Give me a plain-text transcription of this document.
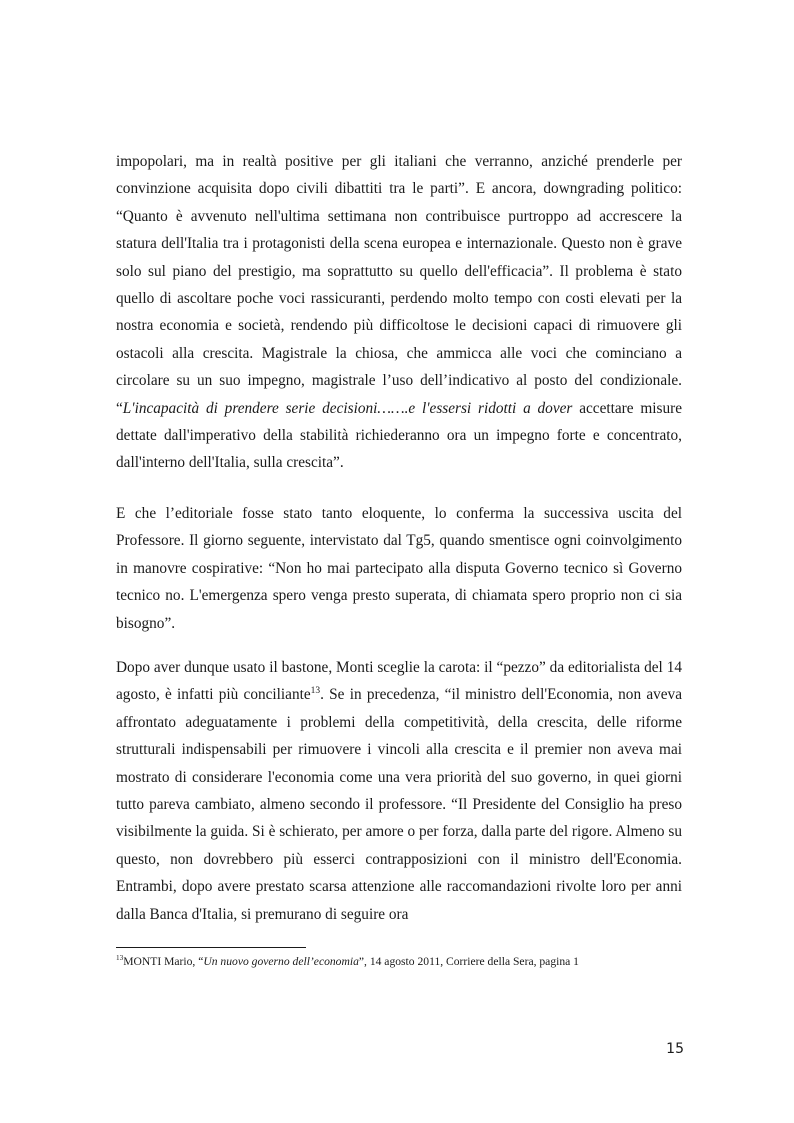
impopolari, ma in realtà positive per gli italiani che verranno, anziché prenderle per convinzione acquisita dopo civili dibattiti tra le parti”. E ancora, downgrading politico: “Quanto è avvenuto nell'ultima settimana non contribuisce purtroppo ad accrescere la statura dell'Italia tra i protagonisti della scena europea e internazionale. Questo non è grave solo sul piano del prestigio, ma soprattutto su quello dell'efficacia”. Il problema è stato quello di ascoltare poche voci rassicuranti, perdendo molto tempo con costi elevati per la nostra economia e società, rendendo più difficoltose le decisioni capaci di rimuovere gli ostacoli alla crescita. Magistrale la chiosa, che ammicca alle voci che cominciano a circolare su un suo impegno, magistrale l’uso dell’indicativo al posto del condizionale. “L'incapacità di prendere serie decisioni…….e l'essersi ridotti a dover accettare misure dettate dall'imperativo della stabilità richiederanno ora un impegno forte e concentrato, dall'interno dell'Italia, sulla crescita”.

E che l’editoriale fosse stato tanto eloquente, lo conferma la successiva uscita del Professore. Il giorno seguente, intervistato dal Tg5, quando smentisce ogni coinvolgimento in manovre cospirative: “Non ho mai partecipato alla disputa Governo tecnico sì Governo tecnico no. L'emergenza spero venga presto superata, di chiamata spero proprio non ci sia bisogno”.

Dopo aver dunque usato il bastone, Monti sceglie la carota: il “pezzo” da editorialista del 14 agosto, è infatti più conciliante$^{13}$. Se in precedenza, “il ministro dell'Economia, non aveva affrontato adeguatamente i problemi della competitività, della crescita, delle riforme strutturali indispensabili per rimuovere i vincoli alla crescita e il premier non aveva mai mostrato di considerare l'economia come una vera priorità del suo governo, in quei giorni tutto pareva cambiato, almeno secondo il professore. “Il Presidente del Consiglio ha preso visibilmente la guida. Si è schierato, per amore o per forza, dalla parte del rigore. Almeno su questo, non dovrebbero più esserci contrapposizioni con il ministro dell'Economia. Entrambi, dopo avere prestato scarsa attenzione alle raccomandazioni rivolte loro per anni dalla Banca d'Italia, si premurano di seguire ora

$^{13}$MONTI Mario, “Un nuovo governo dell’economia”, 14 agosto 2011, Corriere della Sera, pagina 1

15
